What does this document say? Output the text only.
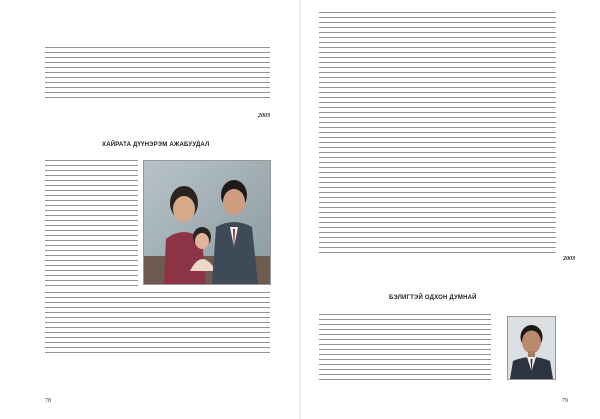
2003
ХАЙРАТА ДҮҮНЭРЭМ АЖАБУУДАЛ
78
2003
БЭЛИГТЭЙ ОДХОН ДУМНАЙ
79
